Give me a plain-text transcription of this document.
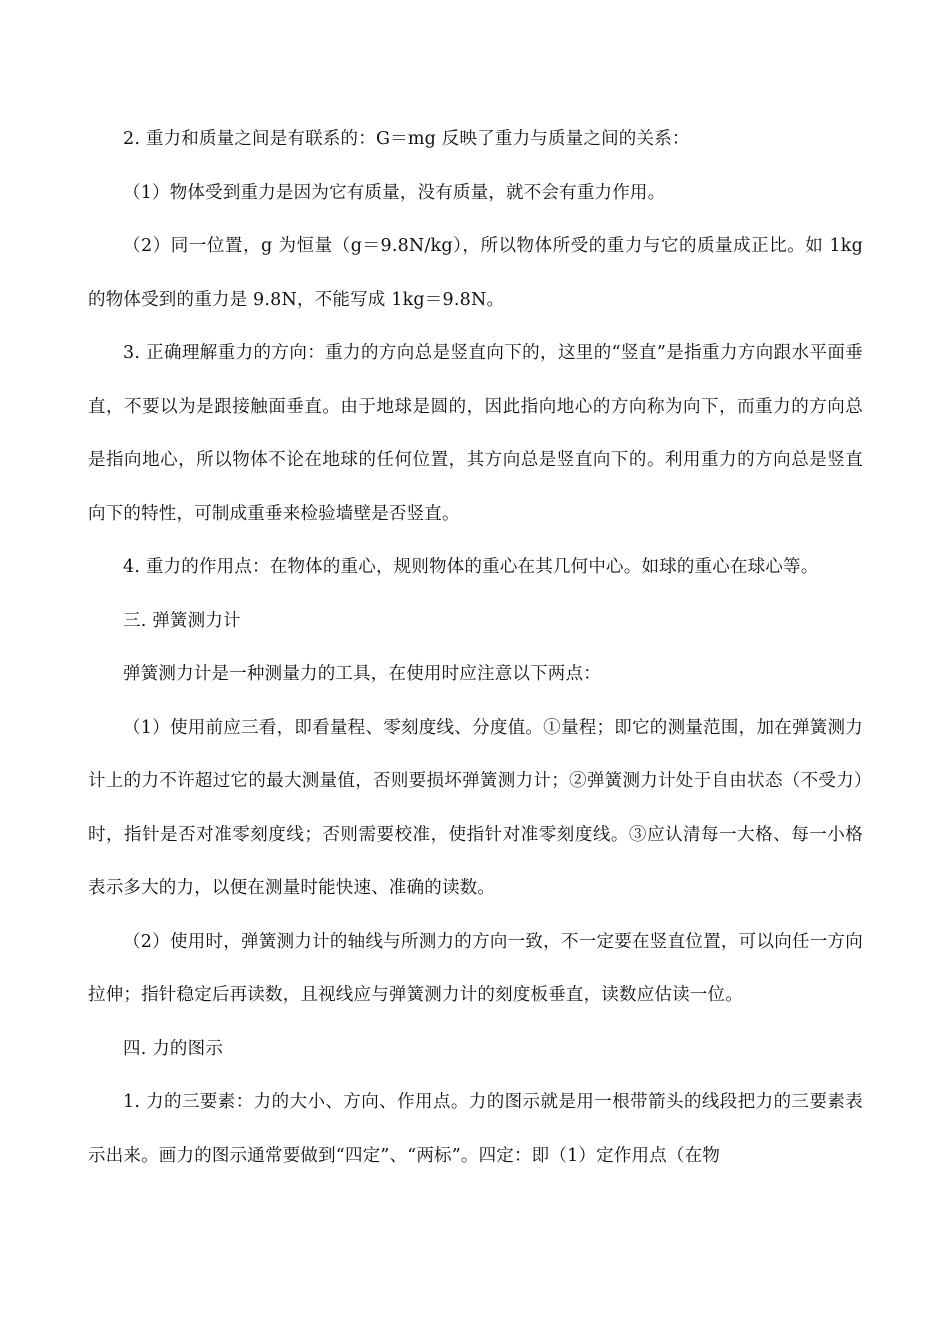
2. 重力和质量之间是有联系的：G＝mg 反映了重力与质量之间的关系：

（1）物体受到重力是因为它有质量，没有质量，就不会有重力作用。

（2）同一位置，g 为恒量（g＝9.8N/kg），所以物体所受的重力与它的质量成正比。如 1kg 的物体受到的重力是 9.8N，不能写成 1kg＝9.8N。

3. 正确理解重力的方向：重力的方向总是竖直向下的，这里的“竖直”是指重力方向跟水平面垂直，不要以为是跟接触面垂直。由于地球是圆的，因此指向地心的方向称为向下，而重力的方向总是指向地心，所以物体不论在地球的任何位置，其方向总是竖直向下的。利用重力的方向总是竖直向下的特性，可制成重垂来检验墙壁是否竖直。

4. 重力的作用点：在物体的重心，规则物体的重心在其几何中心。如球的重心在球心等。

三. 弹簧测力计

弹簧测力计是一种测量力的工具，在使用时应注意以下两点：

（1）使用前应三看，即看量程、零刻度线、分度值。①量程；即它的测量范围，加在弹簧测力计上的力不许超过它的最大测量值，否则要损坏弹簧测力计；②弹簧测力计处于自由状态（不受力）时，指针是否对准零刻度线；否则需要校准，使指针对准零刻度线。③应认清每一大格、每一小格表示多大的力，以便在测量时能快速、准确的读数。

（2）使用时，弹簧测力计的轴线与所测力的方向一致，不一定要在竖直位置，可以向任一方向拉伸；指针稳定后再读数，且视线应与弹簧测力计的刻度板垂直，读数应估读一位。

四. 力的图示

1. 力的三要素：力的大小、方向、作用点。力的图示就是用一根带箭头的线段把力的三要素表示出来。画力的图示通常要做到“四定”、“两标”。四定：即（1）定作用点（在物
